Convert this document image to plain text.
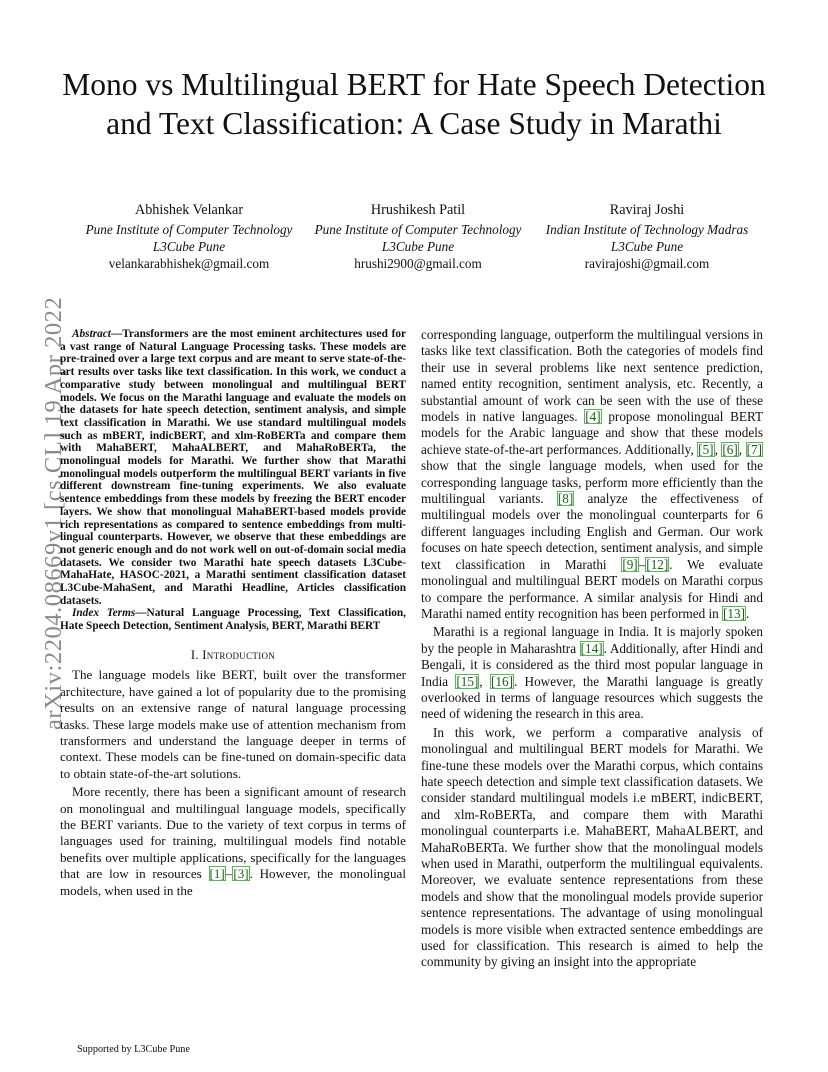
arXiv:2204.08669v1 [cs.CL] 19 Apr 2022
Mono vs Multilingual BERT for Hate Speech Detection and Text Classification: A Case Study in Marathi
Abhishek Velankar
Pune Institute of Computer Technology
L3Cube Pune
velankarabhishek@gmail.com
Hrushikesh Patil
Pune Institute of Computer Technology
L3Cube Pune
hrushi2900@gmail.com
Raviraj Joshi
Indian Institute of Technology Madras
L3Cube Pune
ravirajoshi@gmail.com

Abstract—Transformers are the most eminent architectures used for a vast range of Natural Language Processing tasks. These models are pre-trained over a large text corpus and are meant to serve state-of-the-art results over tasks like text classification. In this work, we conduct a comparative study between monolingual and multilingual BERT models. We focus on the Marathi language and evaluate the models on the datasets for hate speech detection, sentiment analysis, and simple text classification in Marathi. We use standard multilingual models such as mBERT, indicBERT, and xlm-RoBERTa and compare them with MahaBERT, MahaALBERT, and MahaRoBERTa, the monolingual models for Marathi. We further show that Marathi monolingual models outperform the multilingual BERT variants in five different downstream fine-tuning experiments. We also evaluate sentence embeddings from these models by freezing the BERT encoder layers. We show that monolingual MahaBERT-based models provide rich representations as compared to sentence embeddings from multi-lingual counterparts. However, we observe that these embeddings are not generic enough and do not work well on out-of-domain social media datasets. We consider two Marathi hate speech datasets L3Cube-MahaHate, HASOC-2021, a Marathi sentiment classification dataset L3Cube-MahaSent, and Marathi Headline, Articles classification datasets.

Index Terms—Natural Language Processing, Text Classification, Hate Speech Detection, Sentiment Analysis, BERT, Marathi BERT

I. Introduction

The language models like BERT, built over the transformer architecture, have gained a lot of popularity due to the promising results on an extensive range of natural language processing tasks. These large models make use of attention mechanism from transformers and understand the language deeper in terms of context. These models can be fine-tuned on domain-specific data to obtain state-of-the-art solutions.

More recently, there has been a significant amount of research on monolingual and multilingual language models, specifically the BERT variants. Due to the variety of text corpus in terms of languages used for training, multilingual models find notable benefits over multiple applications, specifically for the languages that are low in resources [1]–[3]. However, the monolingual models, when used in the

corresponding language, outperform the multilingual versions in tasks like text classification. Both the categories of models find their use in several problems like next sentence prediction, named entity recognition, sentiment analysis, etc. Recently, a substantial amount of work can be seen with the use of these models in native languages. [4] propose monolingual BERT models for the Arabic language and show that these models achieve state-of-the-art performances. Additionally, [5], [6], [7] show that the single language models, when used for the corresponding language tasks, perform more efficiently than the multilingual variants. [8] analyze the effectiveness of multilingual models over the monolingual counterparts for 6 different languages including English and German. Our work focuses on hate speech detection, sentiment analysis, and simple text classification in Marathi [9]–[12]. We evaluate monolingual and multilingual BERT models on Marathi corpus to compare the performance. A similar analysis for Hindi and Marathi named entity recognition has been performed in [13].

Marathi is a regional language in India. It is majorly spoken by the people in Maharashtra [14]. Additionally, after Hindi and Bengali, it is considered as the third most popular language in India [15], [16]. However, the Marathi language is greatly overlooked in terms of language resources which suggests the need of widening the research in this area.

In this work, we perform a comparative analysis of monolingual and multilingual BERT models for Marathi. We fine-tune these models over the Marathi corpus, which contains hate speech detection and simple text classification datasets. We consider standard multilingual models i.e mBERT, indicBERT, and xlm-RoBERTa, and compare them with Marathi monolingual counterparts i.e. MahaBERT, MahaALBERT, and MahaRoBERTa. We further show that the monolingual models when used in Marathi, outperform the multilingual equivalents. Moreover, we evaluate sentence representations from these models and show that the monolingual models provide superior sentence representations. The advantage of using monolingual models is more visible when extracted sentence embeddings are used for classification. This research is aimed to help the community by giving an insight into the appropriate

Supported by L3Cube Pune
